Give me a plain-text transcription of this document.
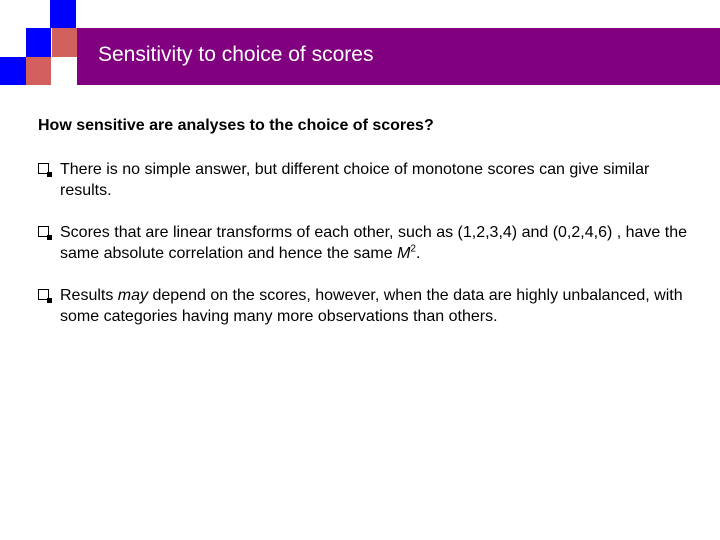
Sensitivity to choice of scores

How sensitive are analyses to the choice of scores?

There is no simple answer, but different choice of monotone scores can give similar results.
Scores that are linear transforms of each other, such as (1,2,3,4) and (0,2,4,6) , have the same absolute correlation and hence the same $M^2$.
Results may depend on the scores, however, when the data are highly unbalanced, with some categories having many more observations than others.
